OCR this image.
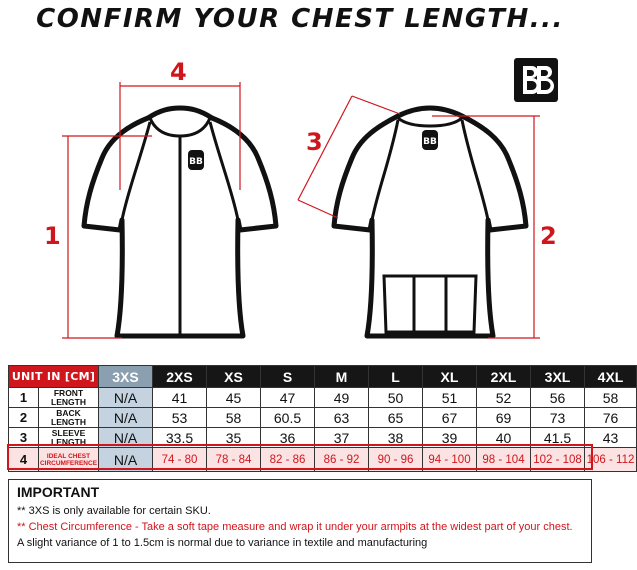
CONFIRM YOUR CHEST LENGTH...
BB
BB
1	2
3
4
UNIT IN [CM]		3XS	2XS	XS	S	M	L	XL	2XL	3XL	4XL
1	FRONT LENGTH	N/A	41	45	47	49	50	51	52	56	58
2	BACK LENGTH	N/A	53	58	60.5	63	65	67	69	73	76
3	SLEEVE LENGTH	N/A	33.5	35	36	37	38	39	40	41.5	43
4	IDEAL CHEST CIRCUMFERENCE	N/A	74 - 80	78 - 84	82 - 86	86 - 92	90 - 96	94 - 100	98 - 104	102 - 108	106 - 112
IMPORTANT
** 3XS is only available for certain SKU.
** Chest Circumference - Take a soft tape measure and wrap it under your armpits at the widest part of your chest.
A slight variance of 1 to 1.5cm is normal due to variance in textile and manufacturing
